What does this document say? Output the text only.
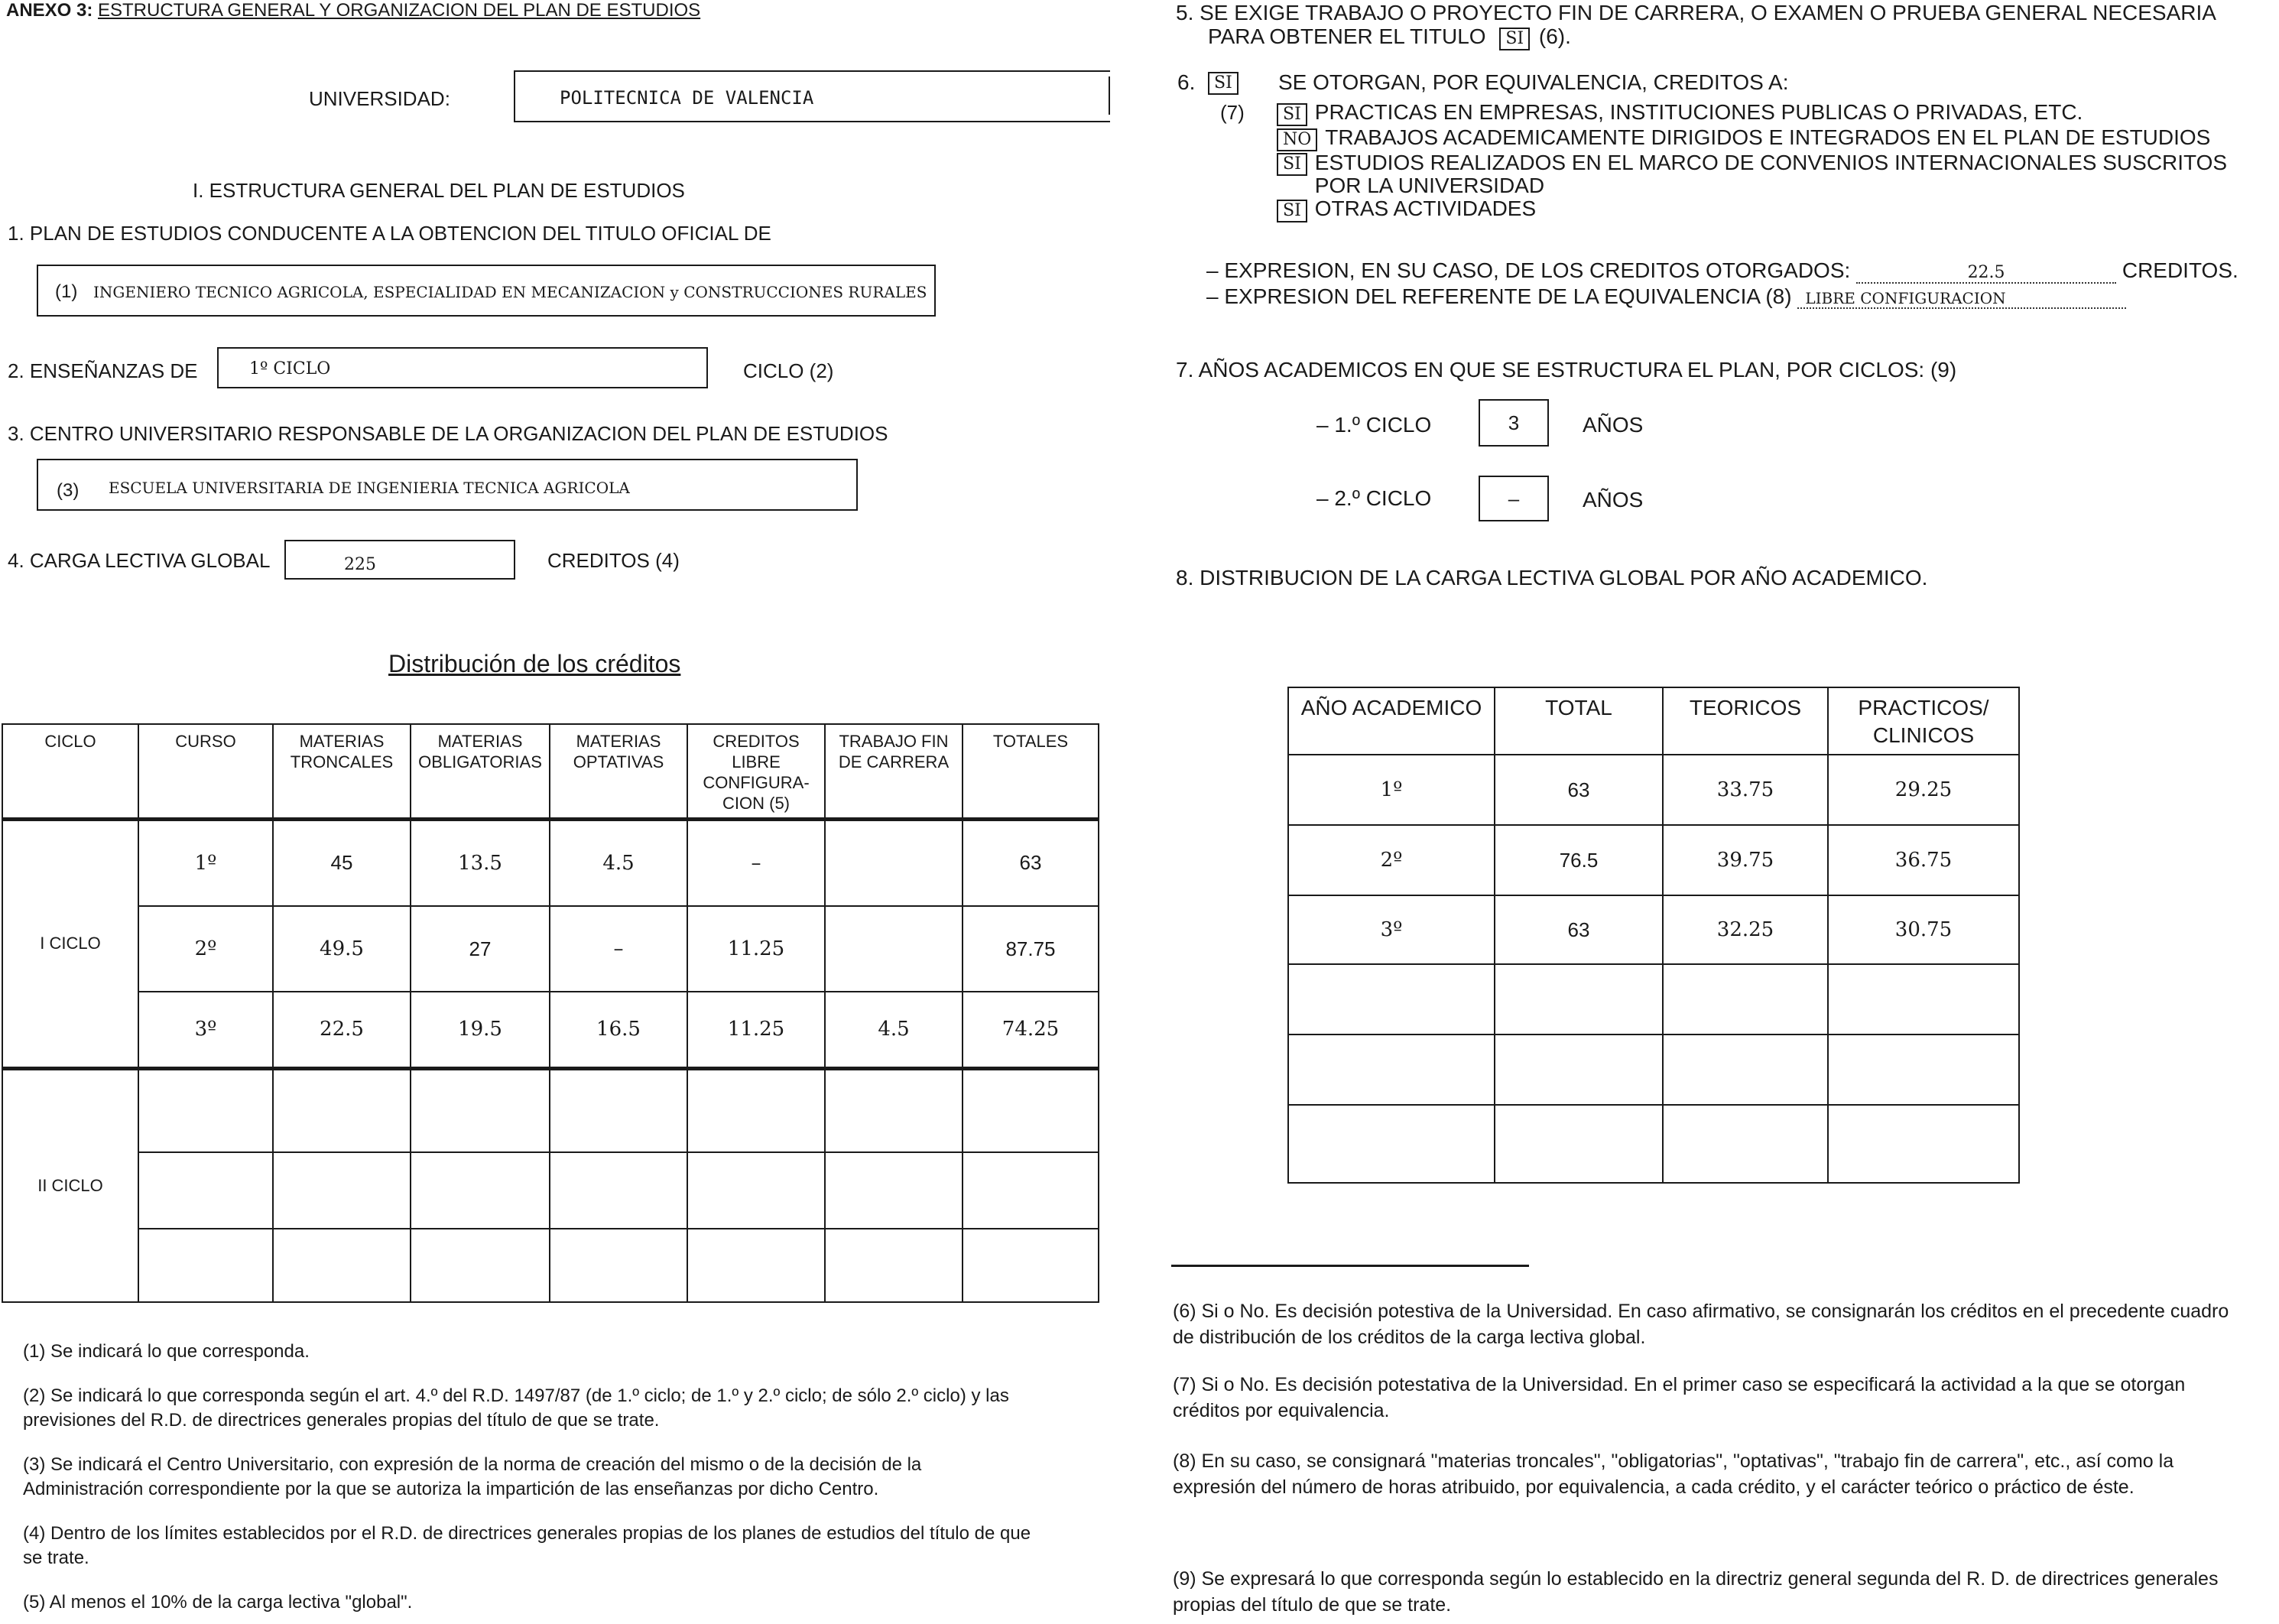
ANEXO 3: ESTRUCTURA GENERAL Y ORGANIZACION DEL PLAN DE ESTUDIOS
UNIVERSIDAD:	POLITECNICA DE VALENCIA
I. ESTRUCTURA GENERAL DEL PLAN DE ESTUDIOS
1. PLAN DE ESTUDIOS CONDUCENTE A LA OBTENCION DEL TITULO OFICIAL DE
(1) INGENIERO TECNICO AGRICOLA, ESPECIALIDAD EN MECANIZACION y CONSTRUCCIONES RURALES
2. ENSEÑANZAS DE	1º CICLO	CICLO (2)
3. CENTRO UNIVERSITARIO RESPONSABLE DE LA ORGANIZACION DEL PLAN DE ESTUDIOS
(3) ESCUELA UNIVERSITARIA DE INGENIERIA TECNICA AGRICOLA
4. CARGA LECTIVA GLOBAL	225	CREDITOS (4)
Distribución de los créditos
CICLO	CURSO	MATERIAS TRONCALES	MATERIAS OBLIGATORIAS	MATERIAS OPTATIVAS	CREDITOS LIBRE CONFIGURA-CION (5)	TRABAJO FIN DE CARRERA	TOTALES
I CICLO	1º	45	13.5	4.5	–		63
	2º	49.5	27	–	11.25		87.75
	3º	22.5	19.5	16.5	11.25	4.5	74.25
II CICLO							

(1) Se indicará lo que corresponda.
(2) Se indicará lo que corresponda según el art. 4.º del R.D. 1497/87 (de 1.º ciclo; de 1.º y 2.º ciclo; de sólo 2.º ciclo) y las previsiones del R.D. de directrices generales propias del título de que se trate.
(3) Se indicará el Centro Universitario, con expresión de la norma de creación del mismo o de la decisión de la Administración correspondiente por la que se autoriza la impartición de las enseñanzas por dicho Centro.
(4) Dentro de los límites establecidos por el R.D. de directrices generales propias de los planes de estudios del título de que se trate.
(5) Al menos el 10% de la carga lectiva "global".
5. SE EXIGE TRABAJO O PROYECTO FIN DE CARRERA, O EXAMEN O PRUEBA GENERAL NECESARIA
PARA OBTENER EL TITULO SI (6).
6.	SI
(7)
SE OTORGAN, POR EQUIVALENCIA, CREDITOS A:
SI PRACTICAS EN EMPRESAS, INSTITUCIONES PUBLICAS O PRIVADAS, ETC.
NO TRABAJOS ACADEMICAMENTE DIRIGIDOS E INTEGRADOS EN EL PLAN DE ESTUDIOS
SI ESTUDIOS REALIZADOS EN EL MARCO DE CONVENIOS INTERNACIONALES SUSCRITOS POR LA UNIVERSIDAD
SI OTRAS ACTIVIDADES
– EXPRESION, EN SU CASO, DE LOS CREDITOS OTORGADOS:	22.5	CREDITOS.
– EXPRESION DEL REFERENTE DE LA EQUIVALENCIA (8) LIBRE CONFIGURACION
7. AÑOS ACADEMICOS EN QUE SE ESTRUCTURA EL PLAN, POR CICLOS: (9)
– 1.º CICLO	3	AÑOS
– 2.º CICLO	–	AÑOS
8. DISTRIBUCION DE LA CARGA LECTIVA GLOBAL POR AÑO ACADEMICO.
AÑO ACADEMICO	TOTAL	TEORICOS	PRACTICOS/ CLINICOS
1º	63	33.75	29.25
2º	76.5	39.75	36.75
3º	63	32.25	30.75

(6) Si o No. Es decisión potestiva de la Universidad. En caso afirmativo, se consignarán los créditos en el precedente cuadro de distribución de los créditos de la carga lectiva global.
(7) Si o No. Es decisión potestativa de la Universidad. En el primer caso se especificará la actividad a la que se otorgan créditos por equivalencia.
(8) En su caso, se consignará "materias troncales", "obligatorias", "optativas", "trabajo fin de carrera", etc., así como la expresión del número de horas atribuido, por equivalencia, a cada crédito, y el carácter teórico o práctico de éste.
(9) Se expresará lo que corresponda según lo establecido en la directriz general segunda del R. D. de directrices generales propias del título de que se trate.
